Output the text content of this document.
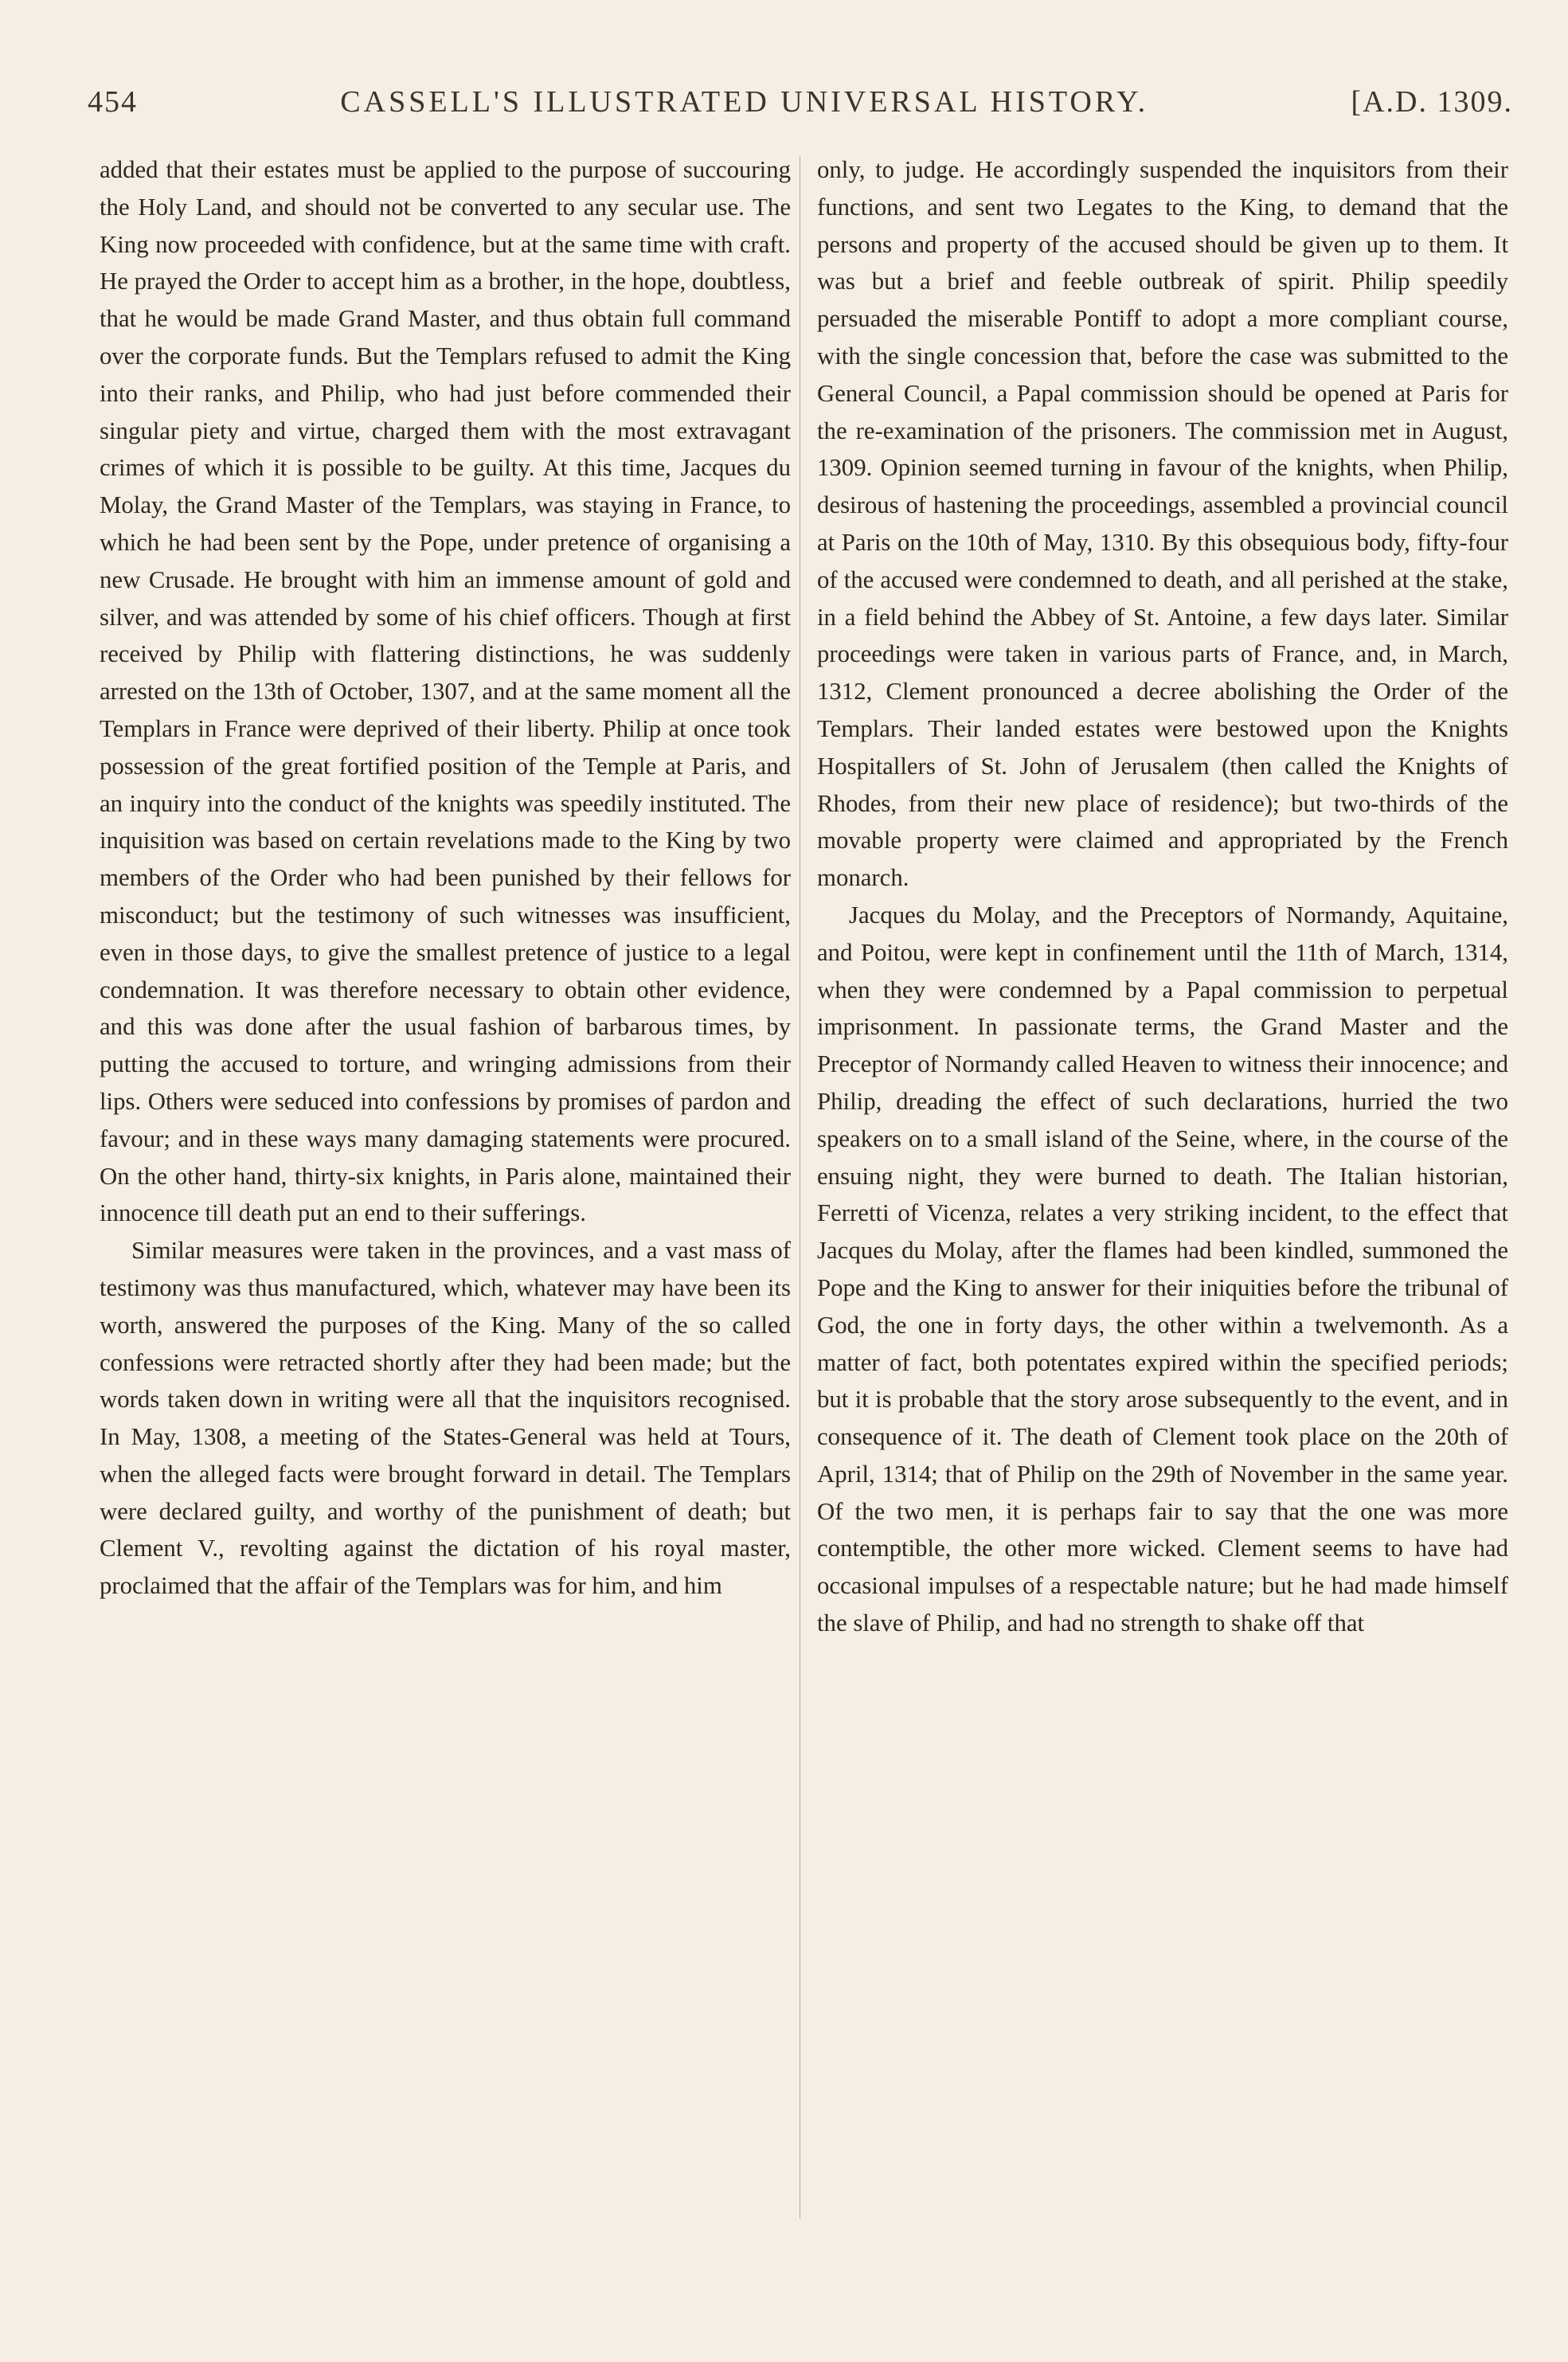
454	CASSELL'S ILLUSTRATED UNIVERSAL HISTORY.	[A.D. 1309.

added that their estates must be applied to the purpose of succouring the Holy Land, and should not be converted to any secular use. The King now proceeded with confidence, but at the same time with craft. He prayed the Order to accept him as a brother, in the hope, doubtless, that he would be made Grand Master, and thus obtain full command over the corporate funds. But the Templars refused to admit the King into their ranks, and Philip, who had just before commended their singular piety and virtue, charged them with the most extravagant crimes of which it is possible to be guilty. At this time, Jacques du Molay, the Grand Master of the Templars, was staying in France, to which he had been sent by the Pope, under pretence of organising a new Crusade. He brought with him an immense amount of gold and silver, and was attended by some of his chief officers. Though at first received by Philip with flattering distinctions, he was suddenly arrested on the 13th of October, 1307, and at the same moment all the Templars in France were deprived of their liberty. Philip at once took possession of the great fortified position of the Temple at Paris, and an inquiry into the conduct of the knights was speedily instituted. The inquisition was based on certain revelations made to the King by two members of the Order who had been punished by their fellows for misconduct; but the testimony of such witnesses was insufficient, even in those days, to give the smallest pretence of justice to a legal condemnation. It was therefore necessary to obtain other evidence, and this was done after the usual fashion of barbarous times, by putting the accused to torture, and wringing admissions from their lips. Others were seduced into confessions by promises of pardon and favour; and in these ways many damaging statements were procured. On the other hand, thirty-six knights, in Paris alone, maintained their innocence till death put an end to their sufferings.

Similar measures were taken in the provinces, and a vast mass of testimony was thus manufactured, which, whatever may have been its worth, answered the purposes of the King. Many of the so called confessions were retracted shortly after they had been made; but the words taken down in writing were all that the inquisitors recognised. In May, 1308, a meeting of the States-General was held at Tours, when the alleged facts were brought forward in detail. The Templars were declared guilty, and worthy of the punishment of death; but Clement V., revolting against the dictation of his royal master, proclaimed that the affair of the Templars was for him, and him

only, to judge. He accordingly suspended the inquisitors from their functions, and sent two Legates to the King, to demand that the persons and property of the accused should be given up to them. It was but a brief and feeble outbreak of spirit. Philip speedily persuaded the miserable Pontiff to adopt a more compliant course, with the single concession that, before the case was submitted to the General Council, a Papal commission should be opened at Paris for the re-examination of the prisoners. The commission met in August, 1309. Opinion seemed turning in favour of the knights, when Philip, desirous of hastening the proceedings, assembled a provincial council at Paris on the 10th of May, 1310. By this obsequious body, fifty-four of the accused were condemned to death, and all perished at the stake, in a field behind the Abbey of St. Antoine, a few days later. Similar proceedings were taken in various parts of France, and, in March, 1312, Clement pronounced a decree abolishing the Order of the Templars. Their landed estates were bestowed upon the Knights Hospitallers of St. John of Jerusalem (then called the Knights of Rhodes, from their new place of residence); but two-thirds of the movable property were claimed and appropriated by the French monarch.

Jacques du Molay, and the Preceptors of Normandy, Aquitaine, and Poitou, were kept in confinement until the 11th of March, 1314, when they were condemned by a Papal commission to perpetual imprisonment. In passionate terms, the Grand Master and the Preceptor of Normandy called Heaven to witness their innocence; and Philip, dreading the effect of such declarations, hurried the two speakers on to a small island of the Seine, where, in the course of the ensuing night, they were burned to death. The Italian historian, Ferretti of Vicenza, relates a very striking incident, to the effect that Jacques du Molay, after the flames had been kindled, summoned the Pope and the King to answer for their iniquities before the tribunal of God, the one in forty days, the other within a twelvemonth. As a matter of fact, both potentates expired within the specified periods; but it is probable that the story arose subsequently to the event, and in consequence of it. The death of Clement took place on the 20th of April, 1314; that of Philip on the 29th of November in the same year. Of the two men, it is perhaps fair to say that the one was more contemptible, the other more wicked. Clement seems to have had occasional impulses of a respectable nature; but he had made himself the slave of Philip, and had no strength to shake off that
